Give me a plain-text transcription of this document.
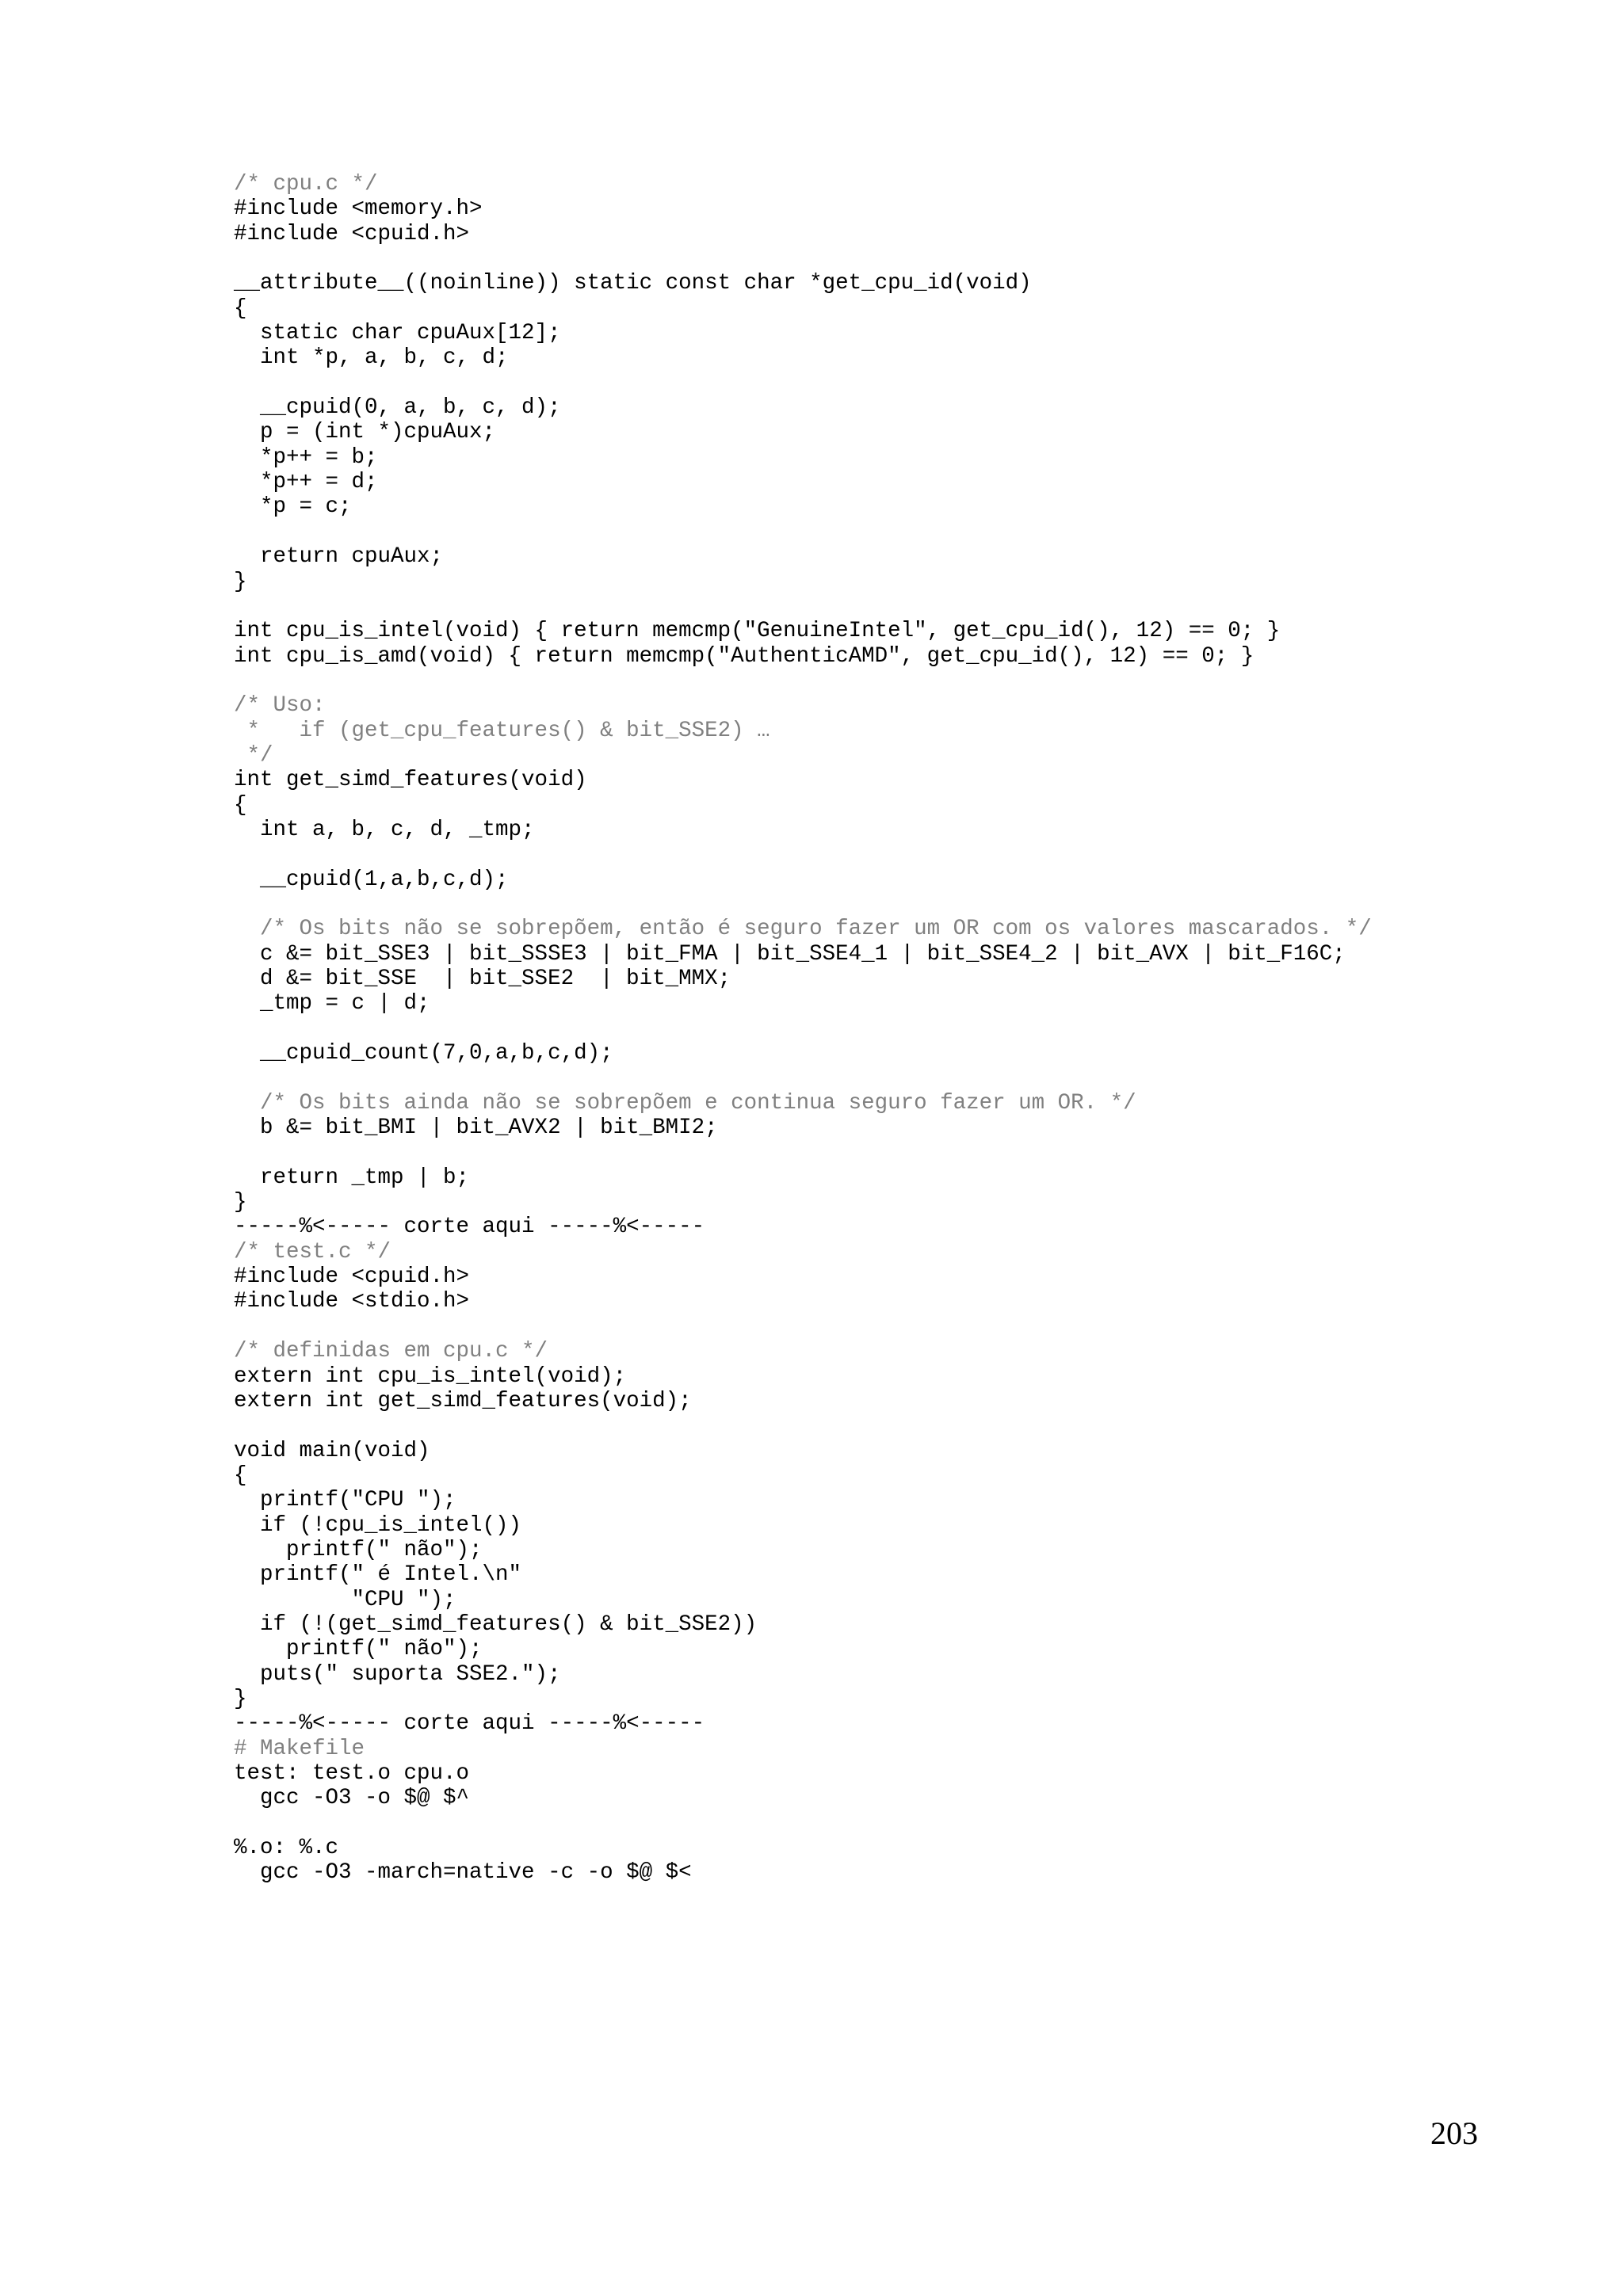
/* cpu.c */
#include <memory.h>
#include <cpuid.h>
__attribute__((noinline)) static const char *get_cpu_id(void)
{
static char cpuAux[12];
int *p, a, b, c, d;
__cpuid(0, a, b, c, d);
p = (int *)cpuAux;
*p++ = b;
*p++ = d;
*p = c;
return cpuAux;
}
int cpu_is_intel(void) { return memcmp("GenuineIntel", get_cpu_id(), 12) == 0; }
int cpu_is_amd(void) { return memcmp("AuthenticAMD", get_cpu_id(), 12) == 0; }
/* Uso:
*   if (get_cpu_features() & bit_SSE2) …
*/
int get_simd_features(void)
{
int a, b, c, d, _tmp;
__cpuid(1,a,b,c,d);
/* Os bits não se sobrepõem, então é seguro fazer um OR com os valores mascarados. */
c &= bit_SSE3 | bit_SSSE3 | bit_FMA | bit_SSE4_1 | bit_SSE4_2 | bit_AVX | bit_F16C;
d &= bit_SSE  | bit_SSE2  | bit_MMX;
_tmp = c | d;
__cpuid_count(7,0,a,b,c,d);
/* Os bits ainda não se sobrepõem e continua seguro fazer um OR. */
b &= bit_BMI | bit_AVX2 | bit_BMI2;
return _tmp | b;
}
-----%<----- corte aqui -----%<-----
/* test.c */
#include <cpuid.h>
#include <stdio.h>
/* definidas em cpu.c */
extern int cpu_is_intel(void);
extern int get_simd_features(void);
void main(void)
{
printf("CPU ");
if (!cpu_is_intel())
printf(" não");
printf(" é Intel.\n"
"CPU ");
if (!(get_simd_features() & bit_SSE2))
printf(" não");
puts(" suporta SSE2.");
}
-----%<----- corte aqui -----%<-----
# Makefile
test: test.o cpu.o
gcc -O3 -o $@ $^
%.o: %.c
gcc -O3 -march=native -c -o $@ $<
203
